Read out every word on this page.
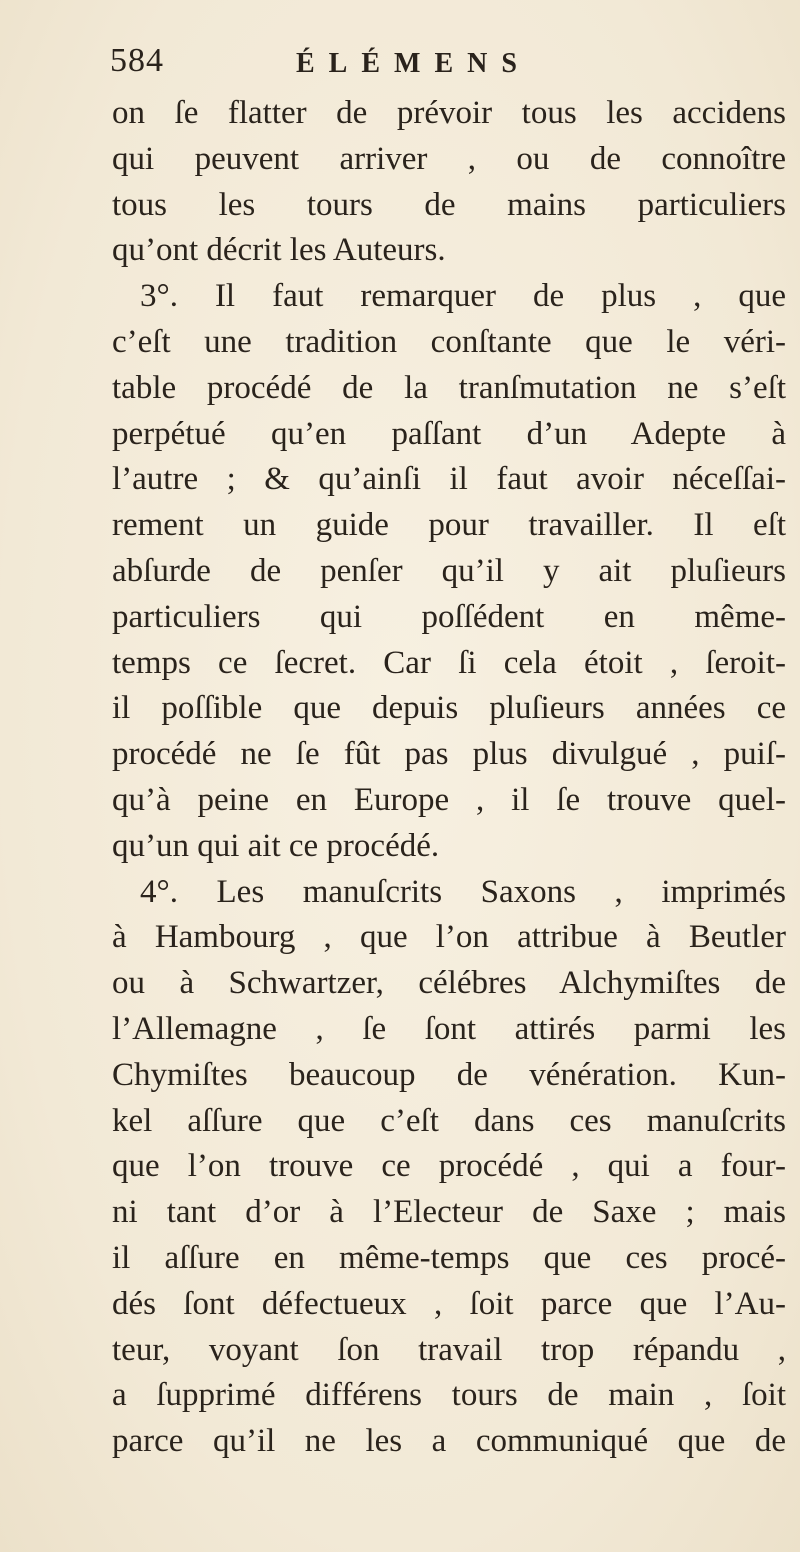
584	ÉLÉMENS
on ſe flatter de prévoir tous les accidens
qui peuvent arriver , ou de connoître
tous les tours de mains particuliers
qu’ont décrit les Auteurs.
3°. Il faut remarquer de plus , que
c’eſt une tradition conſtante que le véri-
table procédé de la tranſmutation ne s’eſt
perpétué qu’en paſſant d’un Adepte à
l’autre ; & qu’ainſi il faut avoir néceſſai-
rement un guide pour travailler. Il eſt
abſurde de penſer qu’il y ait pluſieurs
particuliers qui poſſédent en même-
temps ce ſecret. Car ſi cela étoit , ſeroit-
il poſſible que depuis pluſieurs années ce
procédé ne ſe fût pas plus divulgué , puiſ-
qu’à peine en Europe , il ſe trouve quel-
qu’un qui ait ce procédé.
4°. Les manuſcrits Saxons , imprimés
à Hambourg , que l’on attribue à Beutler
ou à Schwartzer, célébres Alchymiſtes de
l’Allemagne , ſe ſont attirés parmi les
Chymiſtes beaucoup de vénération. Kun-
kel aſſure que c’eſt dans ces manuſcrits
que l’on trouve ce procédé , qui a four-
ni tant d’or à l’Electeur de Saxe ; mais
il aſſure en même-temps que ces procé-
dés ſont défectueux , ſoit parce que l’Au-
teur, voyant ſon travail trop répandu ,
a ſupprimé différens tours de main , ſoit
parce qu’il ne les a communiqué que de
